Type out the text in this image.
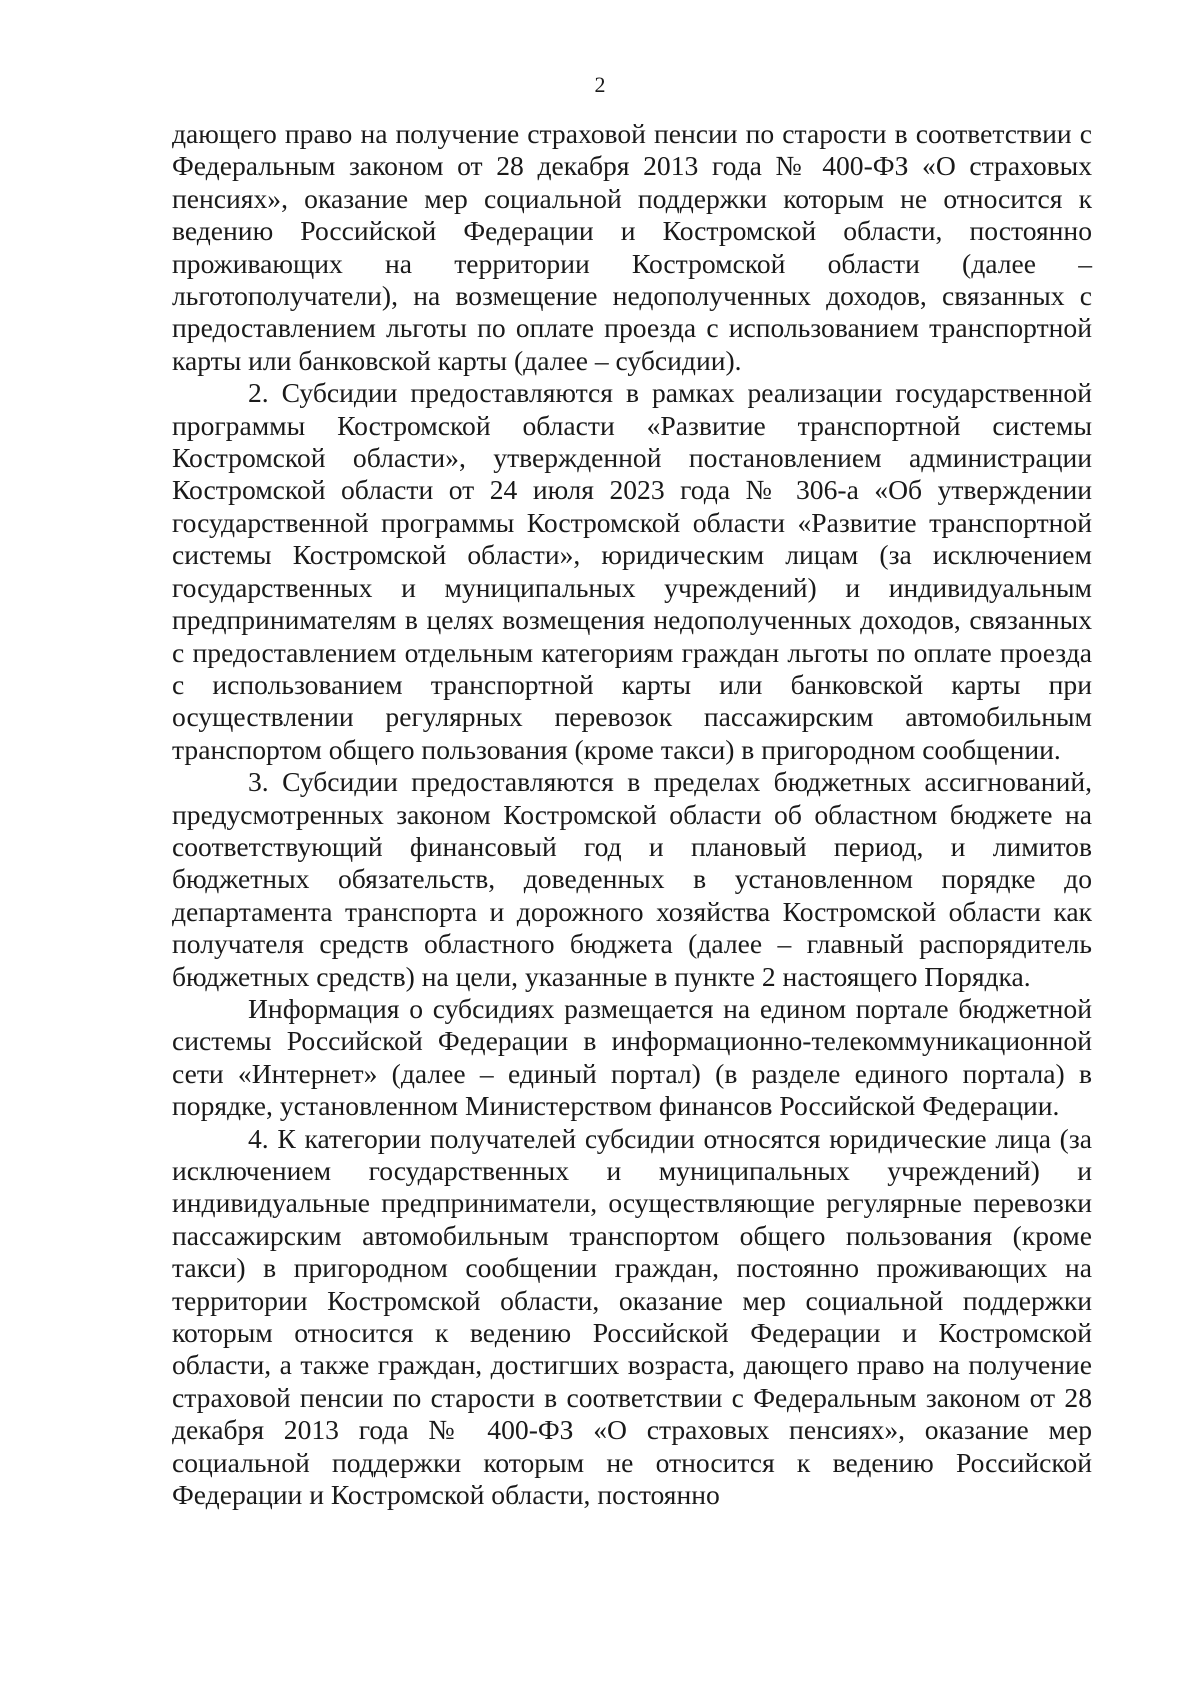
2

дающего право на получение страховой пенсии по старости в соответствии с Федеральным законом от 28 декабря 2013 года № 400-ФЗ «О страховых пенсиях», оказание мер социальной поддержки которым не относится к ведению Российской Федерации и Костромской области, постоянно проживающих на территории Костромской области (далее – льготополучатели), на возмещение недополученных доходов, связанных с предоставлением льготы по оплате проезда с использованием транспортной карты или банковской карты (далее – субсидии).

2. Субсидии предоставляются в рамках реализации государственной программы Костромской области «Развитие транспортной системы Костромской области», утвержденной постановлением администрации Костромской области от 24 июля 2023 года № 306-а «Об утверждении государственной программы Костромской области «Развитие транспортной системы Костромской области», юридическим лицам (за исключением государственных и муниципальных учреждений) и индивидуальным предпринимателям в целях возмещения недополученных доходов, связанных с предоставлением отдельным категориям граждан льготы по оплате проезда с использованием транспортной карты или банковской карты при осуществлении регулярных перевозок пассажирским автомобильным транспортом общего пользования (кроме такси) в пригородном сообщении.

3. Субсидии предоставляются в пределах бюджетных ассигнований, предусмотренных законом Костромской области об областном бюджете на соответствующий финансовый год и плановый период, и лимитов бюджетных обязательств, доведенных в установленном порядке до департамента транспорта и дорожного хозяйства Костромской области как получателя средств областного бюджета (далее – главный распорядитель бюджетных средств) на цели, указанные в пункте 2 настоящего Порядка.

Информация о субсидиях размещается на едином портале бюджетной системы Российской Федерации в информационно-телекоммуникационной сети «Интернет» (далее – единый портал) (в разделе единого портала) в порядке, установленном Министерством финансов Российской Федерации.

4. К категории получателей субсидии относятся юридические лица (за исключением государственных и муниципальных учреждений) и индивидуальные предприниматели, осуществляющие регулярные перевозки пассажирским автомобильным транспортом общего пользования (кроме такси) в пригородном сообщении граждан, постоянно проживающих на территории Костромской области, оказание мер социальной поддержки которым относится к ведению Российской Федерации и Костромской области, а также граждан, достигших возраста, дающего право на получение страховой пенсии по старости в соответствии с Федеральным законом от 28 декабря 2013 года № 400-ФЗ «О страховых пенсиях», оказание мер социальной поддержки которым не относится к ведению Российской Федерации и Костромской области, постоянно
